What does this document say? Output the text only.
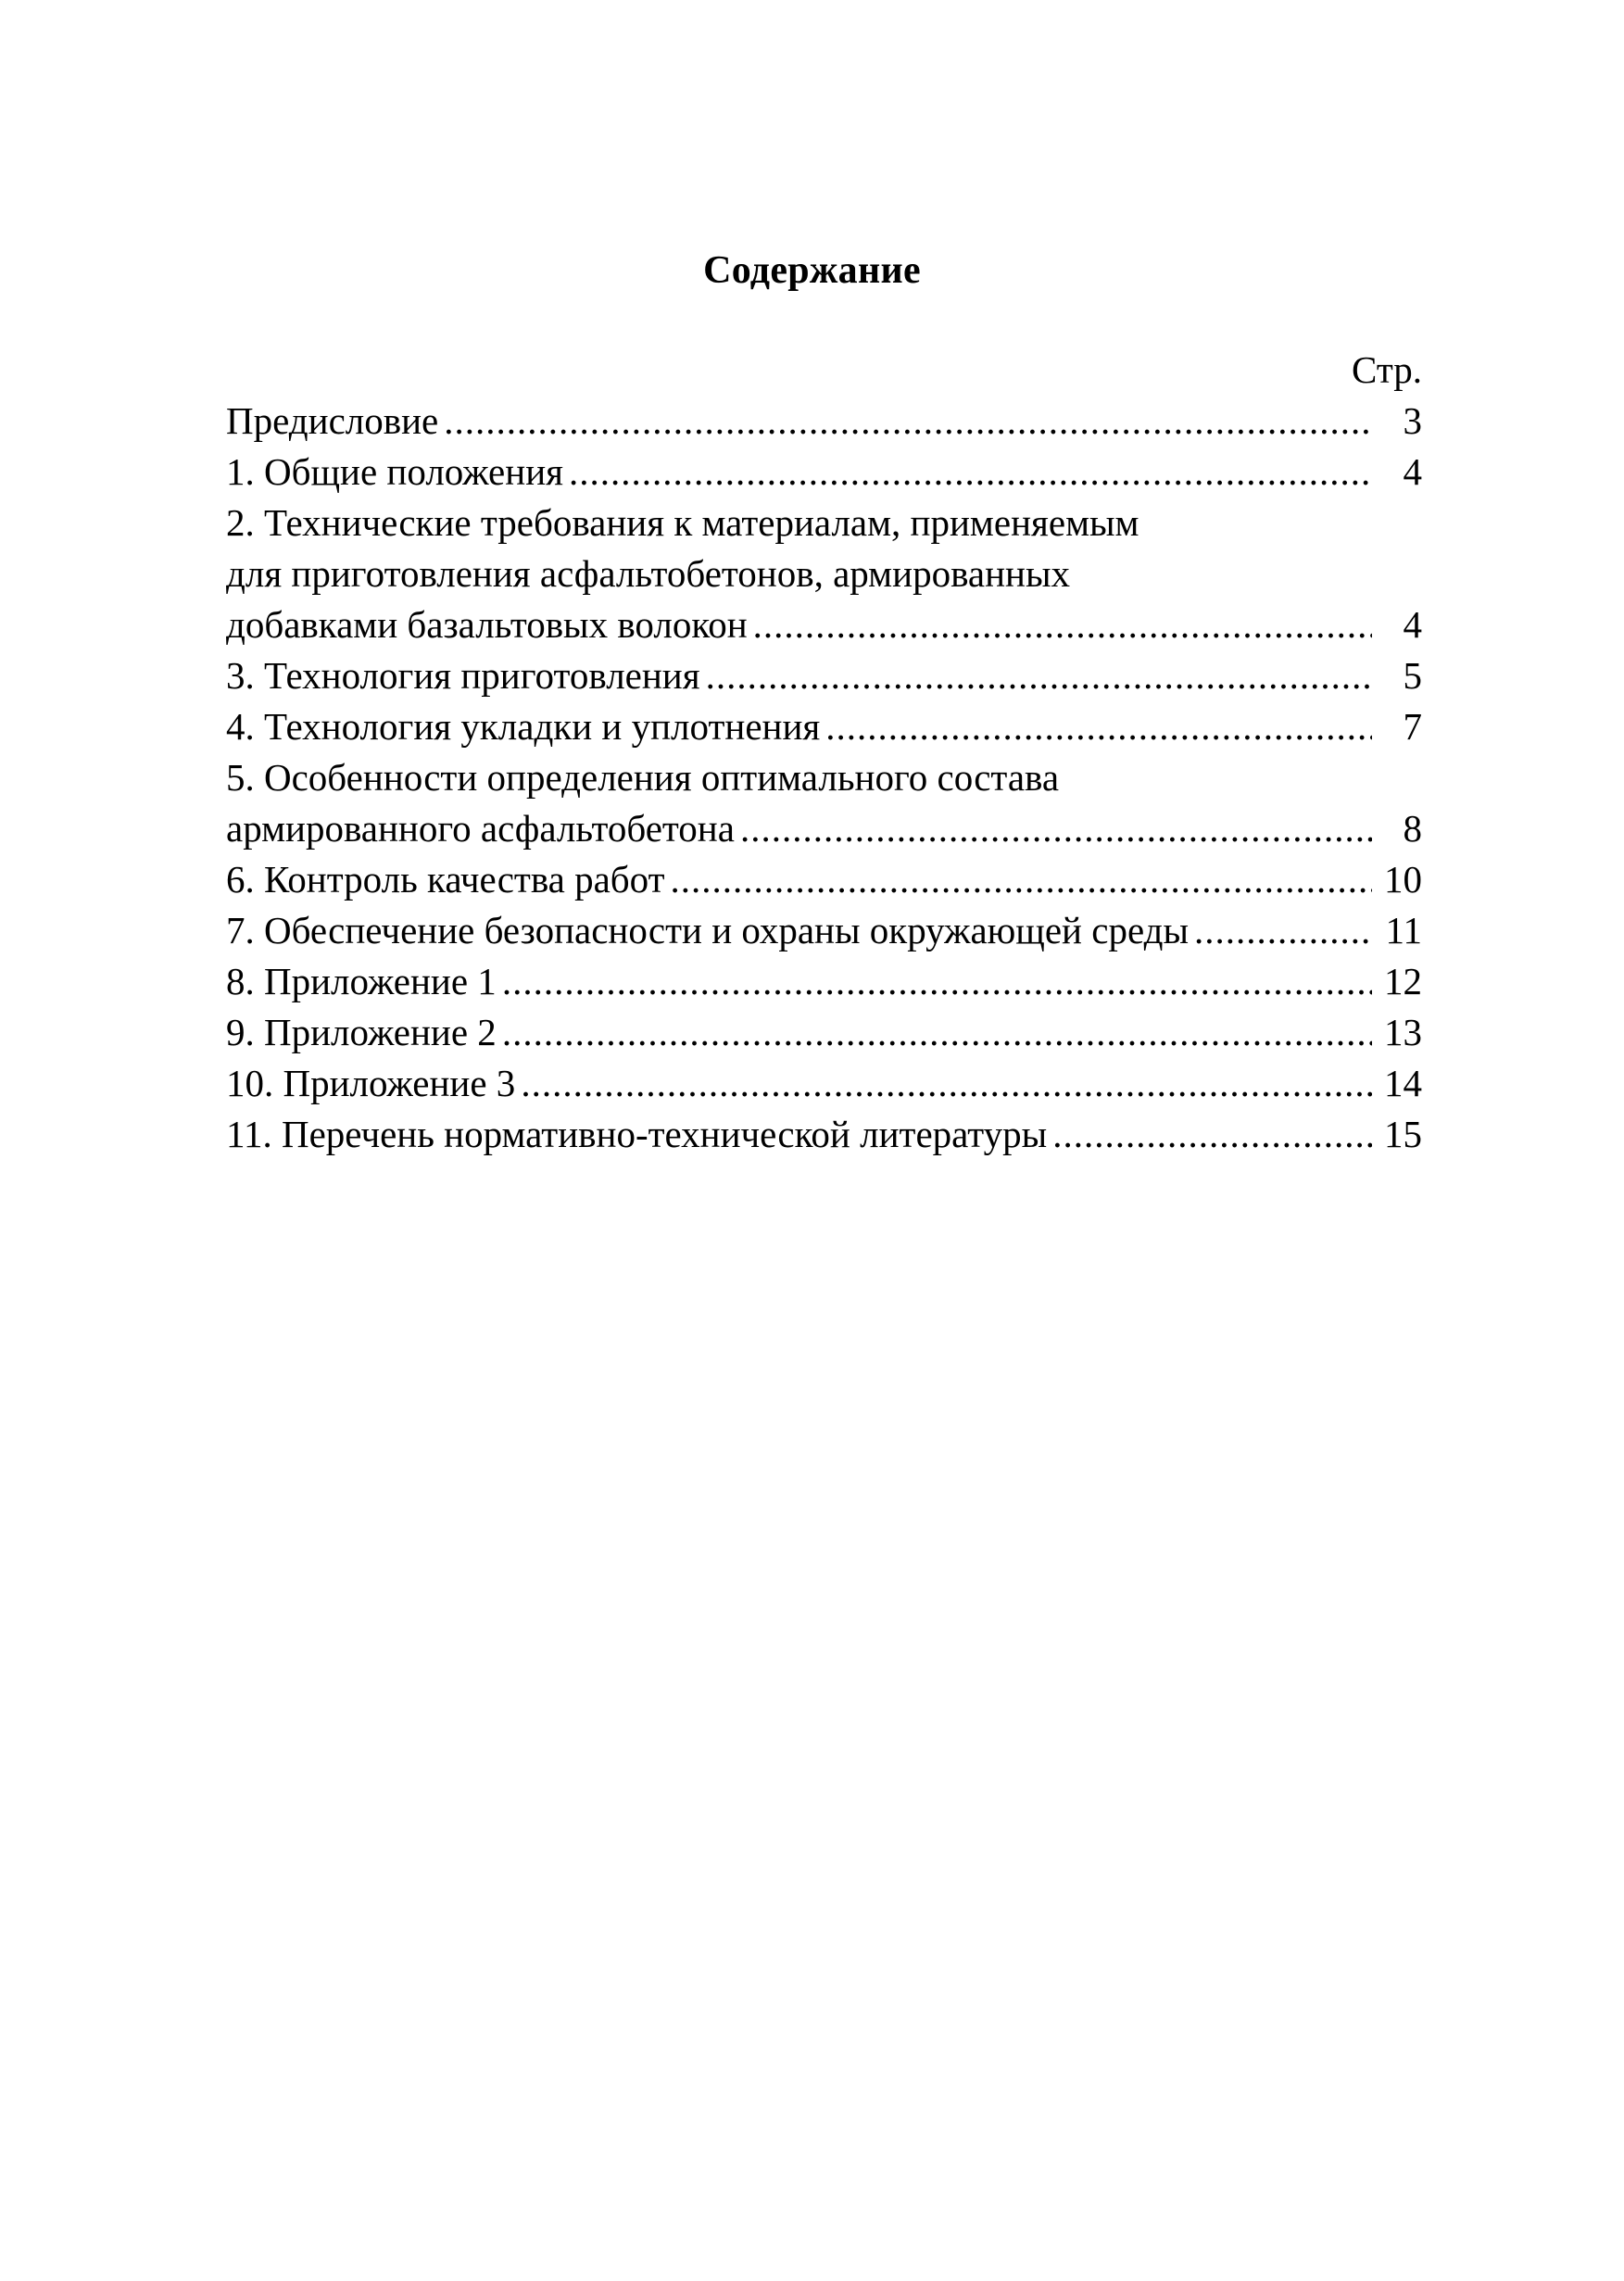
Содержание
Стр.
Предисловие .....	3
1. Общие положения .....	4
2. Технические требования к материалам, применяемым
для приготовления асфальтобетонов, армированных
добавками базальтовых волокон .....	4
3. Технология приготовления .....	5
4. Технология укладки и уплотнения .....	7
5. Особенности определения оптимального состава
армированного асфальтобетона .....	8
6. Контроль качества работ .....	10
7. Обеспечение безопасности и охраны окружающей среды .....	11
8. Приложение 1 .....	12
9. Приложение 2 .....	13
10. Приложение 3 .....	14
11. Перечень нормативно-технической литературы .....	15
